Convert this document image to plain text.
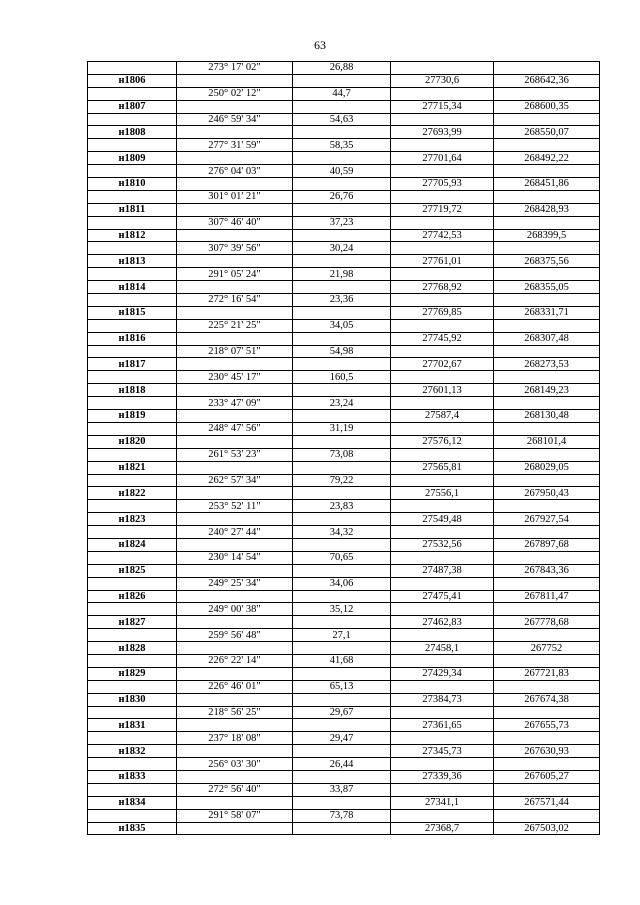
63
	273° 17' 02"	26,88		
н1806			27730,6	268642,36
	250° 02' 12"	44,7		
н1807			27715,34	268600,35
	246° 59' 34"	54,63		
н1808			27693,99	268550,07
	277° 31' 59"	58,35		
н1809			27701,64	268492,22
	276° 04' 03"	40,59		
н1810			27705,93	268451,86
	301° 01' 21"	26,76		
н1811			27719,72	268428,93
	307° 46' 40"	37,23		
н1812			27742,53	268399,5
	307° 39' 56"	30,24		
н1813			27761,01	268375,56
	291° 05' 24"	21,98		
н1814			27768,92	268355,05
	272° 16' 54"	23,36		
н1815			27769,85	268331,71
	225° 21' 25"	34,05		
н1816			27745,92	268307,48
	218° 07' 51"	54,98		
н1817			27702,67	268273,53
	230° 45' 17"	160,5		
н1818			27601,13	268149,23
	233° 47' 09"	23,24		
н1819			27587,4	268130,48
	248° 47' 56"	31,19		
н1820			27576,12	268101,4
	261° 53' 23"	73,08		
н1821			27565,81	268029,05
	262° 57' 34"	79,22		
н1822			27556,1	267950,43
	253° 52' 11"	23,83		
н1823			27549,48	267927,54
	240° 27' 44"	34,32		
н1824			27532,56	267897,68
	230° 14' 54"	70,65		
н1825			27487,38	267843,36
	249° 25' 34"	34,06		
н1826			27475,41	267811,47
	249° 00' 38"	35,12		
н1827			27462,83	267778,68
	259° 56' 48"	27,1		
н1828			27458,1	267752
	226° 22' 14"	41,68		
н1829			27429,34	267721,83
	226° 46' 01"	65,13		
н1830			27384,73	267674,38
	218° 56' 25"	29,67		
н1831			27361,65	267655,73
	237° 18' 08"	29,47		
н1832			27345,73	267630,93
	256° 03' 30"	26,44		
н1833			27339,36	267605,27
	272° 56' 40"	33,87		
н1834			27341,1	267571,44
	291° 58' 07"	73,78		
н1835			27368,7	267503,02
